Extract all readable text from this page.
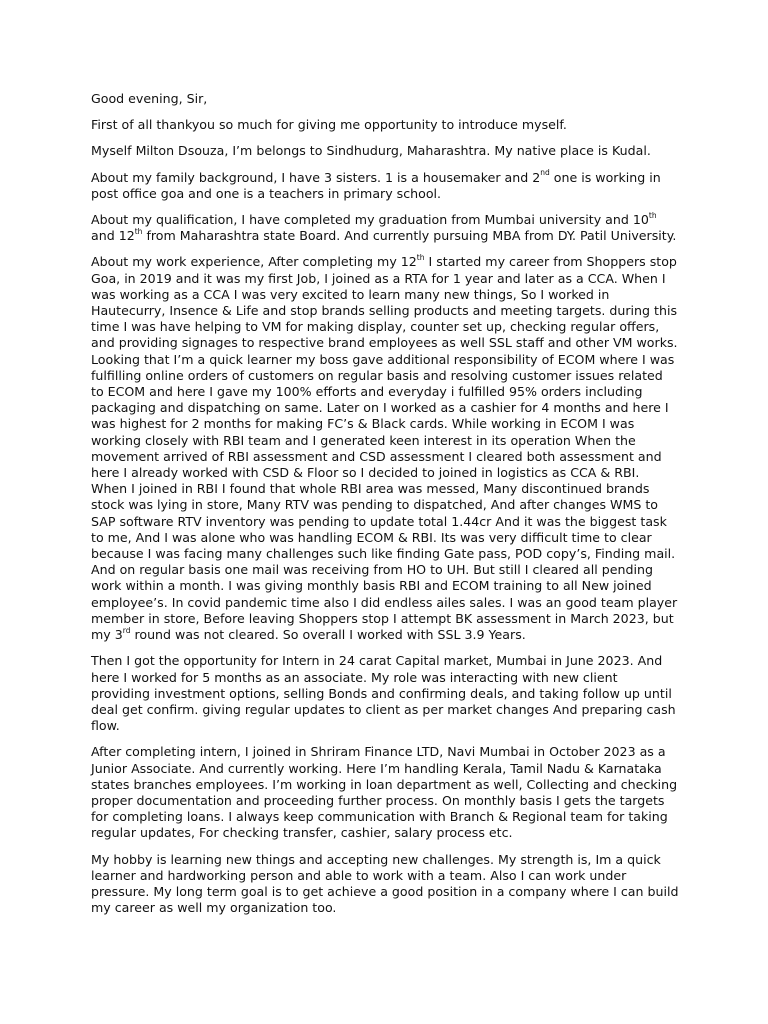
Good evening, Sir,

First of all thankyou so much for giving me opportunity to introduce myself.

Myself Milton Dsouza, I’m belongs to Sindhudurg, Maharashtra. My native place is Kudal.

About my family background, I have 3 sisters. 1 is a housemaker and 2nd one is working in post office goa and one is a teachers in primary school.

About my qualification, I have completed my graduation from Mumbai university and 10th and 12th from Maharashtra state Board. And currently pursuing MBA from DY. Patil University.

About my work experience, After completing my 12th I started my career from Shoppers stop Goa, in 2019 and it was my first Job, I joined as a RTA for 1 year and later as a CCA. When I was working as a CCA I was very excited to learn many new things, So I worked in Hautecurry, Insence & Life and stop brands selling products and meeting targets. during this time I was have helping to VM for making display, counter set up, checking regular offers, and providing signages to respective brand employees as well SSL staff and other VM works. Looking that I’m a quick learner my boss gave additional responsibility of ECOM where I was fulfilling online orders of customers on regular basis and resolving customer issues related to ECOM and here I gave my 100% efforts and everyday i fulfilled 95% orders including packaging and dispatching on same. Later on I worked as a cashier for 4 months and here I was highest for 2 months for making FC’s & Black cards. While working in ECOM I was working closely with RBI team and I generated keen interest in its operation When the movement arrived of RBI assessment and CSD assessment I cleared both assessment and here I already worked with CSD & Floor so I decided to joined in logistics as CCA & RBI. When I joined in RBI I found that whole RBI area was messed, Many discontinued brands stock was lying in store, Many RTV was pending to dispatched, And after changes WMS to SAP software RTV inventory was pending to update total 1.44cr And it was the biggest task to me, And I was alone who was handling ECOM & RBI. Its was very difficult time to clear because I was facing many challenges such like finding Gate pass, POD copy’s, Finding mail. And on regular basis one mail was receiving from HO to UH. But still I cleared all pending work within a month. I was giving monthly basis RBI and ECOM training to all New joined employee’s. In covid pandemic time also I did endless ailes sales. I was an good team player member in store, Before leaving Shoppers stop I attempt BK assessment in March 2023, but my 3rd round was not cleared. So overall I worked with SSL 3.9 Years.

Then I got the opportunity for Intern in 24 carat Capital market, Mumbai in June 2023. And here I worked for 5 months as an associate. My role was interacting with new client providing investment options, selling Bonds and confirming deals, and taking follow up until deal get confirm. giving regular updates to client as per market changes And preparing cash flow.

After completing intern, I joined in Shriram Finance LTD, Navi Mumbai in October 2023 as a Junior Associate. And currently working. Here I’m handling Kerala, Tamil Nadu & Karnataka states branches employees. I’m working in loan department as well, Collecting and checking proper documentation and proceeding further process. On monthly basis I gets the targets for completing loans. I always keep communication with Branch & Regional team for taking regular updates, For checking transfer, cashier, salary process etc.

My hobby is learning new things and accepting new challenges. My strength is, Im a quick learner and hardworking person and able to work with a team. Also I can work under pressure. My long term goal is to get achieve a good position in a company where I can build my career as well my organization too.
